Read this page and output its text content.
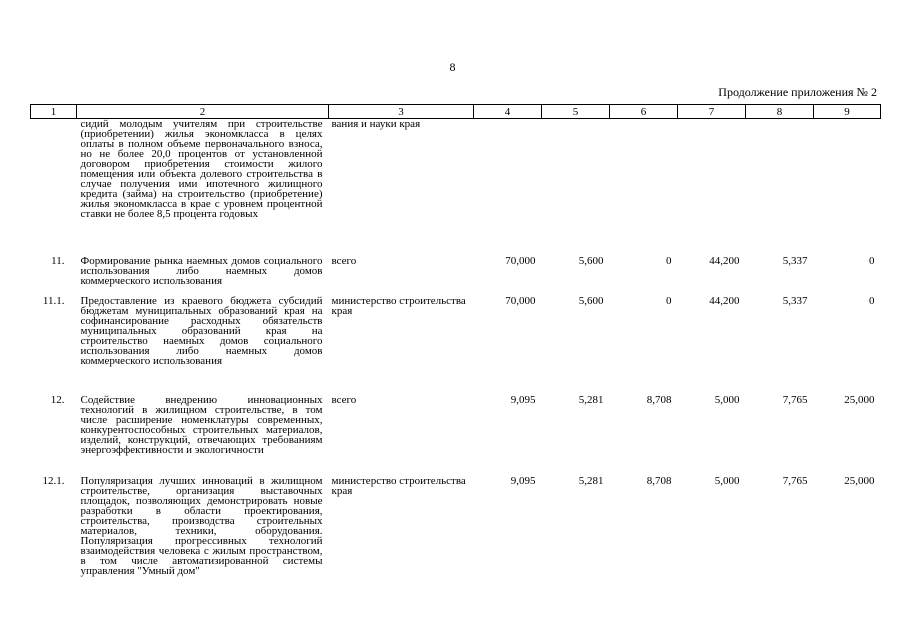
8
Продолжение приложения № 2
1	2	3	4	5	6	7	8	9
	сидий молодым учителям при строительстве (приобретении) жилья экономкласса в целях оплаты в полном объеме первоначального взноса, но не более 20,0 процентов от установленной договором приобретения стоимости жилого помещения или объекта долевого строительства в случае получения ими ипотечного жилищного кредита (займа) на строительство (приобретение) жилья экономкласса в крае с уровнем процентной ставки не более 8,5 процента годовых	вания и науки края						
11.	Формирование рынка наемных домов социального использования либо наемных домов коммерческого использования	всего	70,000	5,600	0	44,200	5,337	0
11.1.	Предоставление из краевого бюджета субсидий бюджетам муниципальных образований края на софинансирование расходных обязательств муниципальных образований края на строительство наемных домов социального использования либо наемных домов коммерческого использования	министерство строительства края	70,000	5,600	0	44,200	5,337	0
12.	Содействие внедрению инновационных технологий в жилищном строительстве, в том числе расширение номенклатуры современных, конкурентоспособных строительных материалов, изделий, конструкций, отвечающих требованиям энергоэффективности и экологичности	всего	9,095	5,281	8,708	5,000	7,765	25,000
12.1.	Популяризация лучших инноваций в жилищном строительстве, организация выставочных площадок, позволяющих демонстрировать новые разработки в области проектирования, строительства, производства строительных материалов, техники, оборудования. Популяризация прогрессивных технологий взаимодействия человека с жилым пространством, в том числе автоматизированной системы управления "Умный дом"	министерство строительства края	9,095	5,281	8,708	5,000	7,765	25,000
